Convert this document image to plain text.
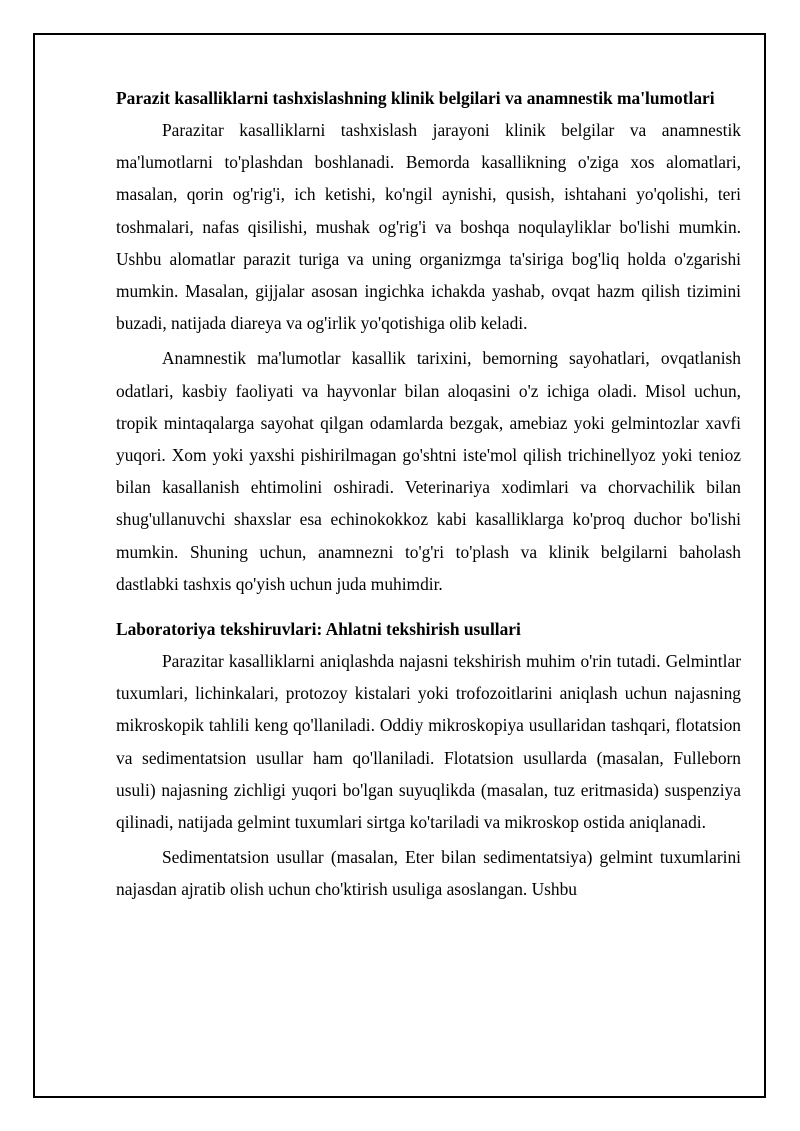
Parazit kasalliklarni tashxislashning klinik belgilari va anamnestik ma'lumotlari

Parazitar kasalliklarni tashxislash jarayoni klinik belgilar va anamnestik ma'lumotlarni to'plashdan boshlanadi. Bemorda kasallikning o'ziga xos alomatlari, masalan, qorin og'rig'i, ich ketishi, ko'ngil aynishi, qusish, ishtahani yo'qolishi, teri toshmalari, nafas qisilishi, mushak og'rig'i va boshqa noqulayliklar bo'lishi mumkin. Ushbu alomatlar parazit turiga va uning organizmga ta'siriga bog'liq holda o'zgarishi mumkin. Masalan, gijjalar asosan ingichka ichakda yashab, ovqat hazm qilish tizimini buzadi, natijada diareya va og'irlik yo'qotishiga olib keladi.

Anamnestik ma'lumotlar kasallik tarixini, bemorning sayohatlari, ovqatlanish odatlari, kasbiy faoliyati va hayvonlar bilan aloqasini o'z ichiga oladi. Misol uchun, tropik mintaqalarga sayohat qilgan odamlarda bezgak, amebiaz yoki gelmintozlar xavfi yuqori. Xom yoki yaxshi pishirilmagan go'shtni iste'mol qilish trichinellyoz yoki tenioz bilan kasallanish ehtimolini oshiradi. Veterinariya xodimlari va chorvachilik bilan shug'ullanuvchi shaxslar esa echinokokkoz kabi kasalliklarga ko'proq duchor bo'lishi mumkin. Shuning uchun, anamnezni to'g'ri to'plash va klinik belgilarni baholash dastlabki tashxis qo'yish uchun juda muhimdir.

Laboratoriya tekshiruvlari: Ahlatni tekshirish usullari

Parazitar kasalliklarni aniqlashda najasni tekshirish muhim o'rin tutadi. Gelmintlar tuxumlari, lichinkalari, protozoy kistalari yoki trofozoitlarini aniqlash uchun najasning mikroskopik tahlili keng qo'llaniladi. Oddiy mikroskopiya usullaridan tashqari, flotatsion va sedimentatsion usullar ham qo'llaniladi. Flotatsion usullarda (masalan, Fulleborn usuli) najasning zichligi yuqori bo'lgan suyuqlikda (masalan, tuz eritmasida) suspenziya qilinadi, natijada gelmint tuxumlari sirtga ko'tariladi va mikroskop ostida aniqlanadi.

Sedimentatsion usullar (masalan, Eter bilan sedimentatsiya) gelmint tuxumlarini najasdan ajratib olish uchun cho'ktirish usuliga asoslangan. Ushbu
